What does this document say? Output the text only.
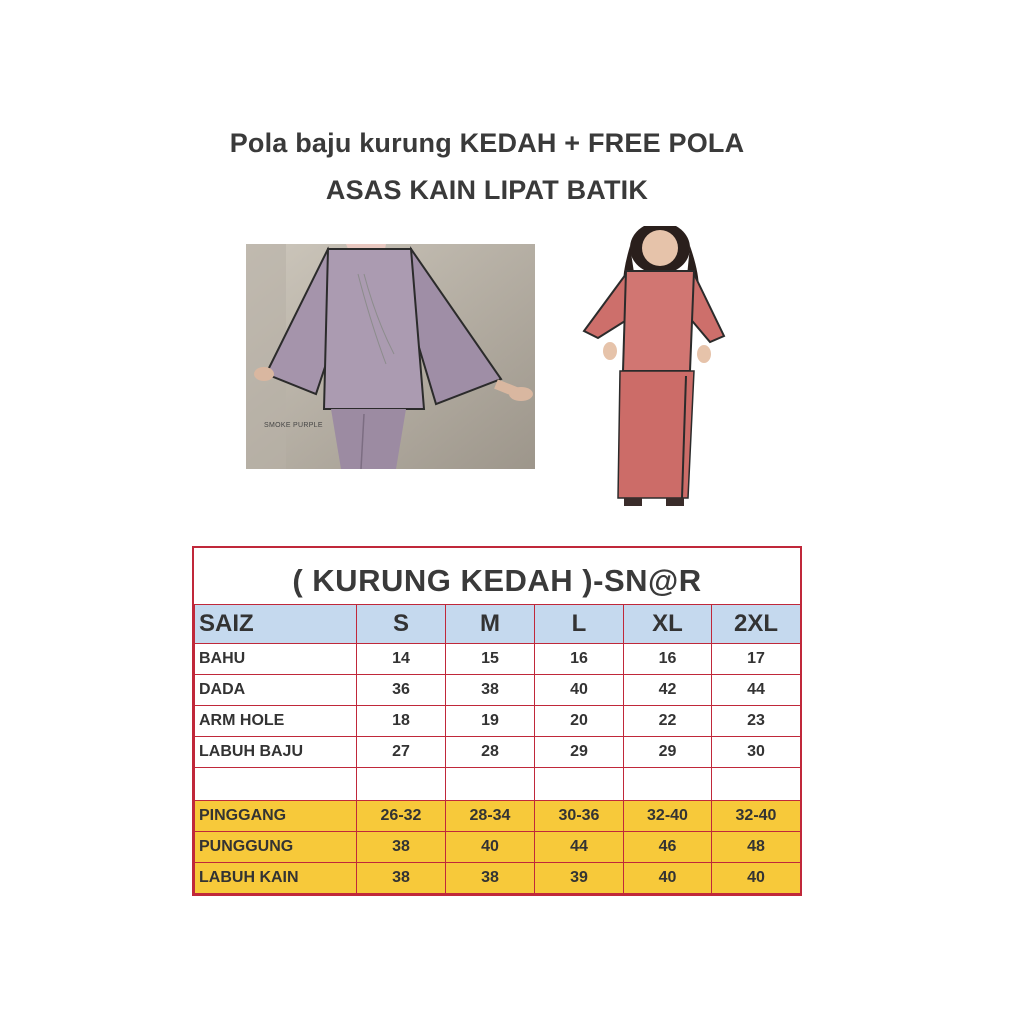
Pola baju kurung KEDAH + FREE POLA
ASAS KAIN LIPAT BATIK
SMOKE PURPLE
( KURUNG KEDAH )-SN@R
SAIZ	S	M	L	XL	2XL
BAHU	14	15	16	16	17
DADA	36	38	40	42	44
ARM HOLE	18	19	20	22	23
LABUH BAJU	27	28	29	29	30

PINGGANG	26-32	28-34	30-36	32-40	32-40
PUNGGUNG	38	40	44	46	48
LABUH KAIN	38	38	39	40	40
